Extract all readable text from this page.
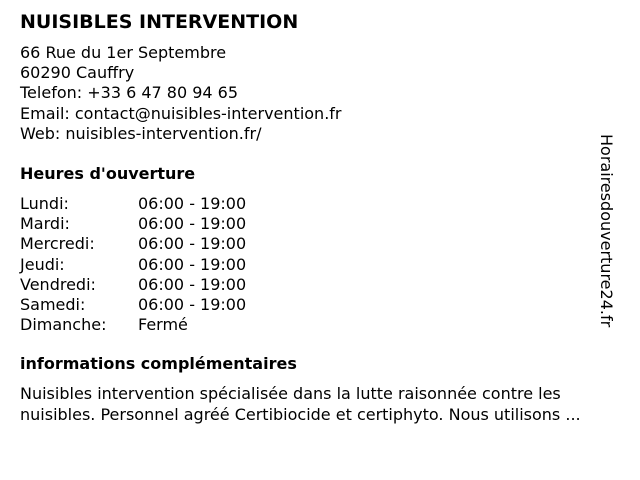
NUISIBLES INTERVENTION
66 Rue du 1er Septembre
60290 Cauffry
Telefon: +33 6 47 80 94 65
Email: contact@nuisibles-intervention.fr
Web: nuisibles-intervention.fr/
Heures d'ouverture
Lundi:	06:00 - 19:00
Mardi:	06:00 - 19:00
Mercredi:	06:00 - 19:00
Jeudi:	06:00 - 19:00
Vendredi:	06:00 - 19:00
Samedi:	06:00 - 19:00
Dimanche:	Fermé
informations complémentaires
Nuisibles intervention spécialisée dans la lutte raisonnée contre les nuisibles. Personnel agréé Certibiocide et certiphyto. Nous utilisons ...
Horairesdouverture24.fr
